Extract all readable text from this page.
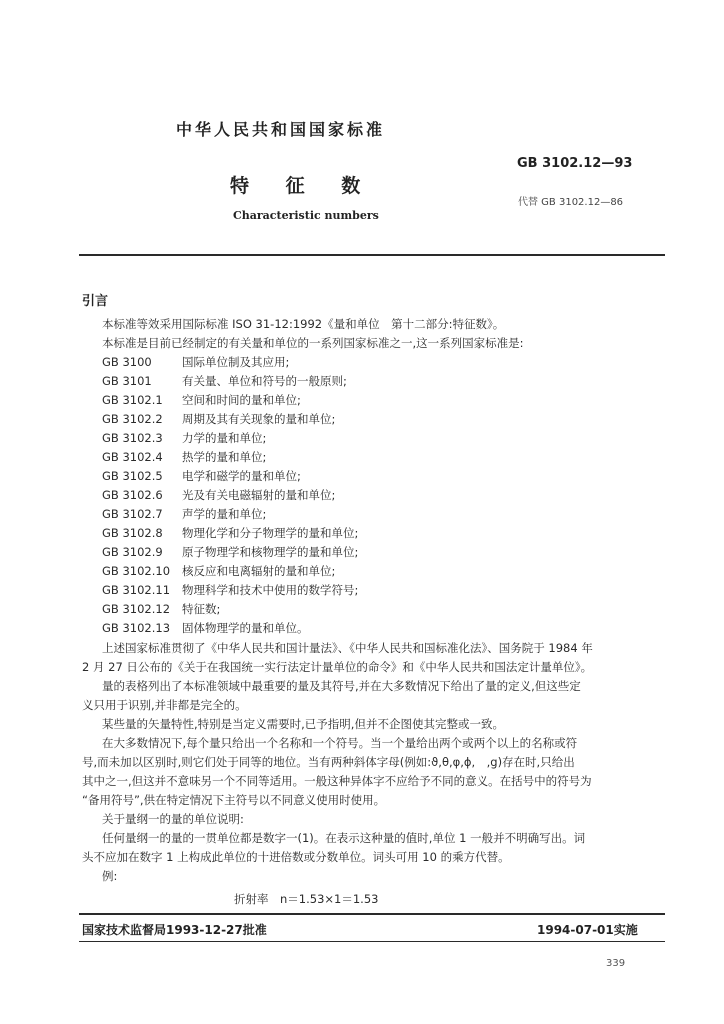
中华人民共和国国家标准
特 征 数
Characteristic numbers
GB 3102.12—93
代替 GB 3102.12—86
引言
本标准等效采用国际标准 ISO 31-12:1992《量和单位　第十二部分:特征数》。
本标准是目前已经制定的有关量和单位的一系列国家标准之一,这一系列国家标准是:
GB 3100	国际单位制及其应用;
GB 3101	有关量、单位和符号的一般原则;
GB 3102.1 空间和时间的量和单位;
GB 3102.2 周期及其有关现象的量和单位;
GB 3102.3 力学的量和单位;
GB 3102.4 热学的量和单位;
GB 3102.5 电学和磁学的量和单位;
GB 3102.6 光及有关电磁辐射的量和单位;
GB 3102.7 声学的量和单位;
GB 3102.8 物理化学和分子物理学的量和单位;
GB 3102.9 原子物理学和核物理学的量和单位;
GB 3102.10 核反应和电离辐射的量和单位;
GB 3102.11 物理科学和技术中使用的数学符号;
GB 3102.12 特征数;
GB 3102.13 固体物理学的量和单位。
上述国家标准贯彻了《中华人民共和国计量法》、《中华人民共和国标准化法》、国务院于 1984 年
2 月 27 日公布的《关于在我国统一实行法定计量单位的命令》和《中华人民共和国法定计量单位》。
量的表格列出了本标准领域中最重要的量及其符号,并在大多数情况下给出了量的定义,但这些定
义只用于识别,并非都是完全的。
某些量的矢量特性,特别是当定义需要时,已予指明,但并不企图使其完整或一致。
在大多数情况下,每个量只给出一个名称和一个符号。当一个量给出两个或两个以上的名称或符
号,而未加以区别时,则它们处于同等的地位。当有两种斜体字母(例如:ϑ,θ,φ,ϕ,　,g)存在时,只给出
其中之一,但这并不意味另一个不同等适用。一般这种异体字不应给予不同的意义。在括号中的符号为
“备用符号”,供在特定情况下主符号以不同意义使用时使用。
关于量纲一的量的单位说明:
任何量纲一的量的一贯单位都是数字一(1)。在表示这种量的值时,单位 1 一般并不明确写出。词
头不应加在数字 1 上构成此单位的十进倍数或分数单位。词头可用 10 的乘方代替。
例:
折射率　n＝1.53×1＝1.53
国家技术监督局1993-12-27批准	1994-07-01实施
339
